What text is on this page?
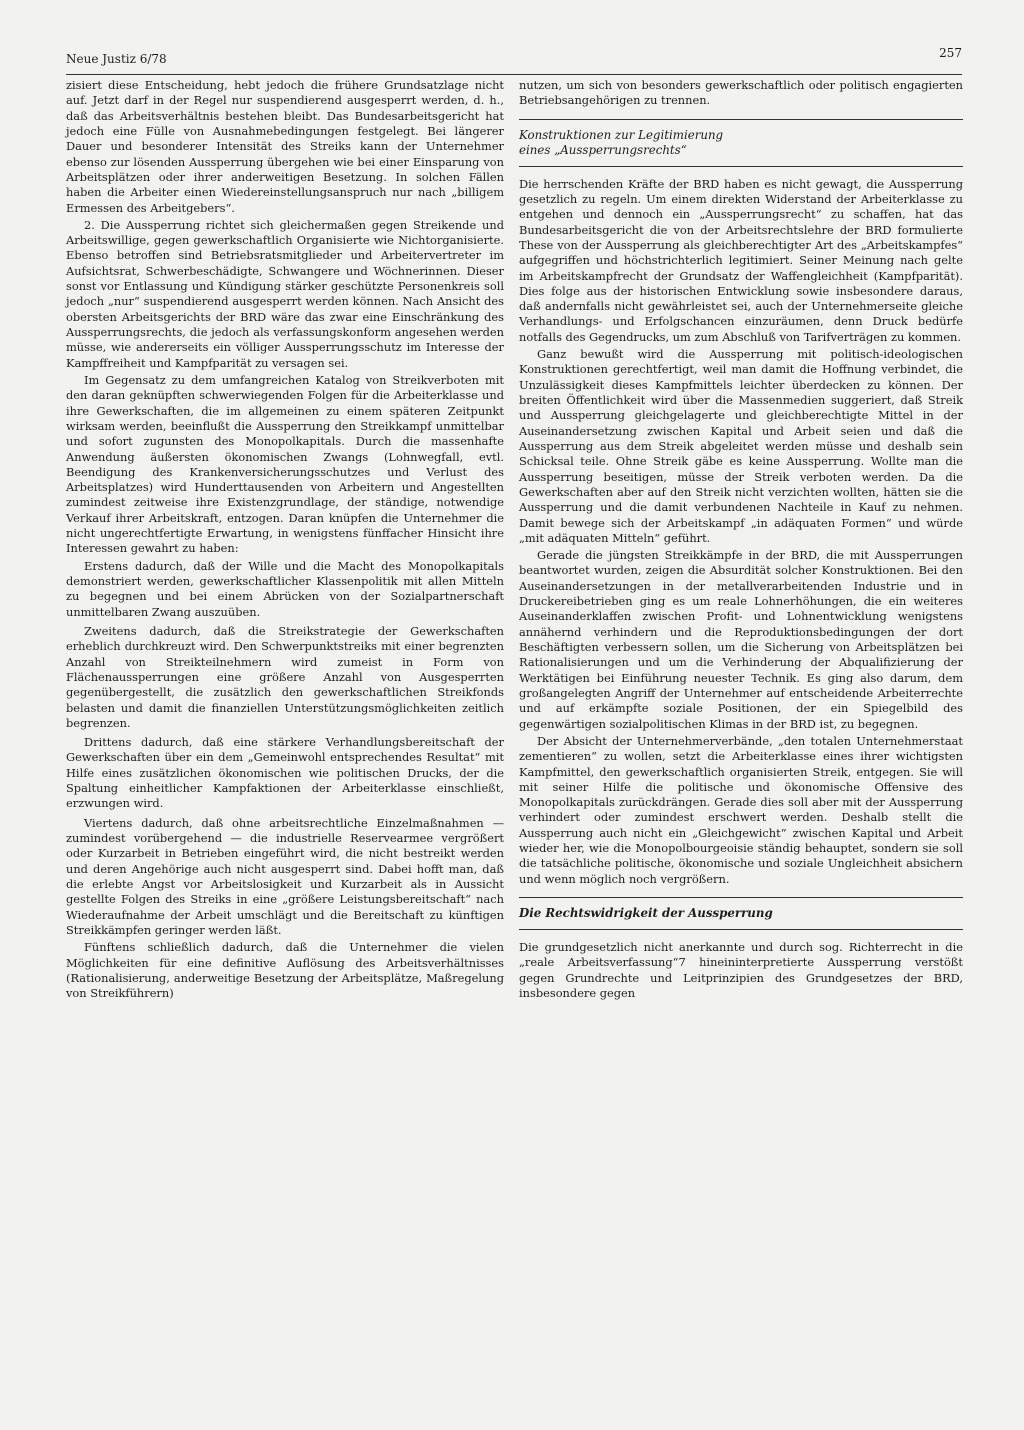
Neue Justiz 6/78	257

zisiert diese Entscheidung, hebt jedoch die frühere Grundsatzlage nicht auf. Jetzt darf in der Regel nur suspendierend ausgesperrt werden, d. h., daß das Arbeitsverhältnis bestehen bleibt. Das Bundesarbeitsgericht hat jedoch eine Fülle von Ausnahmebedingungen festgelegt. Bei längerer Dauer und besonderer Intensität des Streiks kann der Unternehmer ebenso zur lösenden Aussperrung übergehen wie bei einer Einsparung von Arbeitsplätzen oder ihrer anderweitigen Besetzung. In solchen Fällen haben die Arbeiter einen Wiedereinstellungsanspruch nur nach „billigem Ermessen des Arbeitgebers“.

2. Die Aussperrung richtet sich gleichermaßen gegen Streikende und Arbeitswillige, gegen gewerkschaftlich Organisierte wie Nichtorganisierte. Ebenso betroffen sind Betriebsratsmitglieder und Arbeitervertreter im Aufsichtsrat, Schwerbeschädigte, Schwangere und Wöchnerinnen. Dieser sonst vor Entlassung und Kündigung stärker geschützte Personenkreis soll jedoch „nur“ suspendierend ausgesperrt werden können. Nach Ansicht des obersten Arbeitsgerichts der BRD wäre das zwar eine Einschränkung des Aussperrungsrechts, die jedoch als verfassungskonform angesehen werden müsse, wie andererseits ein völliger Aussperrungsschutz im Interesse der Kampffreiheit und Kampfparität zu versagen sei.

Im Gegensatz zu dem umfangreichen Katalog von Streikverboten mit den daran geknüpften schwerwiegenden Folgen für die Arbeiterklasse und ihre Gewerkschaften, die im allgemeinen zu einem späteren Zeitpunkt wirksam werden, beeinflußt die Aussperrung den Streikkampf unmittelbar und sofort zugunsten des Monopolkapitals. Durch die massenhafte Anwendung äußersten ökonomischen Zwangs (Lohnwegfall, evtl. Beendigung des Krankenversicherungsschutzes und Verlust des Arbeitsplatzes) wird Hunderttausenden von Arbeitern und Angestellten zumindest zeitweise ihre Existenzgrundlage, der ständige, notwendige Verkauf ihrer Arbeitskraft, entzogen. Daran knüpfen die Unternehmer die nicht ungerechtfertigte Erwartung, in wenigstens fünffacher Hinsicht ihre Interessen gewahrt zu haben:

Erstens dadurch, daß der Wille und die Macht des Monopolkapitals demonstriert werden, gewerkschaftlicher Klassenpolitik mit allen Mitteln zu begegnen und bei einem Abrücken von der Sozialpartnerschaft unmittelbaren Zwang auszuüben.

Zweitens dadurch, daß die Streikstrategie der Gewerkschaften erheblich durchkreuzt wird. Den Schwerpunktstreiks mit einer begrenzten Anzahl von Streikteilnehmern wird zumeist in Form von Flächenaussperrungen eine größere Anzahl von Ausgesperrten gegenübergestellt, die zusätzlich den gewerkschaftlichen Streikfonds belasten und damit die finanziellen Unterstützungsmöglichkeiten zeitlich begrenzen.

Drittens dadurch, daß eine stärkere Verhandlungsbereitschaft der Gewerkschaften über ein dem „Gemeinwohl entsprechendes Resultat“ mit Hilfe eines zusätzlichen ökonomischen wie politischen Drucks, der die Spaltung einheitlicher Kampfaktionen der Arbeiterklasse einschließt, erzwungen wird.

Viertens dadurch, daß ohne arbeitsrechtliche Einzelmaßnahmen — zumindest vorübergehend — die industrielle Reservearmee vergrößert oder Kurzarbeit in Betrieben eingeführt wird, die nicht bestreikt werden und deren Angehörige auch nicht ausgesperrt sind. Dabei hofft man, daß die erlebte Angst vor Arbeitslosigkeit und Kurzarbeit als in Aussicht gestellte Folgen des Streiks in eine „größere Leistungsbereitschaft“ nach Wiederaufnahme der Arbeit umschlägt und die Bereitschaft zu künftigen Streikkämpfen geringer werden läßt.

Fünftens schließlich dadurch, daß die Unternehmer die vielen Möglichkeiten für eine definitive Auflösung des Arbeitsverhältnisses (Rationalisierung, anderweitige Besetzung der Arbeitsplätze, Maßregelung von Streikführern)

nutzen, um sich von besonders gewerkschaftlich oder politisch engagierten Betriebsangehörigen zu trennen.

Konstruktionen zur Legitimierung
eines „Aussperrungsrechts“

Die herrschenden Kräfte der BRD haben es nicht gewagt, die Aussperrung gesetzlich zu regeln. Um einem direkten Widerstand der Arbeiterklasse zu entgehen und dennoch ein „Aussperrungsrecht“ zu schaffen, hat das Bundesarbeitsgericht die von der Arbeitsrechtslehre der BRD formulierte These von der Aussperrung als gleichberechtigter Art des „Arbeitskampfes“ aufgegriffen und höchstrichterlich legitimiert. Seiner Meinung nach gelte im Arbeitskampfrecht der Grundsatz der Waffengleichheit (Kampfparität). Dies folge aus der historischen Entwicklung sowie insbesondere daraus, daß andernfalls nicht gewährleistet sei, auch der Unternehmerseite gleiche Verhandlungs- und Erfolgschancen einzuräumen, denn Druck bedürfe notfalls des Gegendrucks, um zum Abschluß von Tarifverträgen zu kommen.

Ganz bewußt wird die Aussperrung mit politisch-ideologischen Konstruktionen gerechtfertigt, weil man damit die Hoffnung verbindet, die Unzulässigkeit dieses Kampfmittels leichter überdecken zu können. Der breiten Öffentlichkeit wird über die Massenmedien suggeriert, daß Streik und Aussperrung gleichgelagerte und gleichberechtigte Mittel in der Auseinandersetzung zwischen Kapital und Arbeit seien und daß die Aussperrung aus dem Streik abgeleitet werden müsse und deshalb sein Schicksal teile. Ohne Streik gäbe es keine Aussperrung. Wollte man die Aussperrung beseitigen, müsse der Streik verboten werden. Da die Gewerkschaften aber auf den Streik nicht verzichten wollten, hätten sie die Aussperrung und die damit verbundenen Nachteile in Kauf zu nehmen. Damit bewege sich der Arbeitskampf „in adäquaten Formen“ und würde „mit adäquaten Mitteln“ geführt.

Gerade die jüngsten Streikkämpfe in der BRD, die mit Aussperrungen beantwortet wurden, zeigen die Absurdität solcher Konstruktionen. Bei den Auseinandersetzungen in der metallverarbeitenden Industrie und in Druckereibetrieben ging es um reale Lohnerhöhungen, die ein weiteres Auseinanderklaffen zwischen Profit- und Lohnentwicklung wenigstens annähernd verhindern und die Reproduktionsbedingungen der dort Beschäftigten verbessern sollen, um die Sicherung von Arbeitsplätzen bei Rationalisierungen und um die Verhinderung der Abqualifizierung der Werktätigen bei Einführung neuester Technik. Es ging also darum, dem großangelegten Angriff der Unternehmer auf entscheidende Arbeiterrechte und auf erkämpfte soziale Positionen, der ein Spiegelbild des gegenwärtigen sozialpolitischen Klimas in der BRD ist, zu begegnen.

Der Absicht der Unternehmerverbände, „den totalen Unternehmerstaat zementieren“ zu wollen, setzt die Arbeiterklasse eines ihrer wichtigsten Kampfmittel, den gewerkschaftlich organisierten Streik, entgegen. Sie will mit seiner Hilfe die politische und ökonomische Offensive des Monopolkapitals zurückdrängen. Gerade dies soll aber mit der Aussperrung verhindert oder zumindest erschwert werden. Deshalb stellt die Aussperrung auch nicht ein „Gleichgewicht“ zwischen Kapital und Arbeit wieder her, wie die Monopolbourgeoisie ständig behauptet, sondern sie soll die tatsächliche politische, ökonomische und soziale Ungleichheit absichern und wenn möglich noch vergrößern.

Die Rechtswidrigkeit der Aussperrung

Die grundgesetzlich nicht anerkannte und durch sog. Richterrecht in die „reale Arbeitsverfassung“7 hineininterpretierte Aussperrung verstößt gegen Grundrechte und Leitprinzipien des Grundgesetzes der BRD, insbesondere gegen
